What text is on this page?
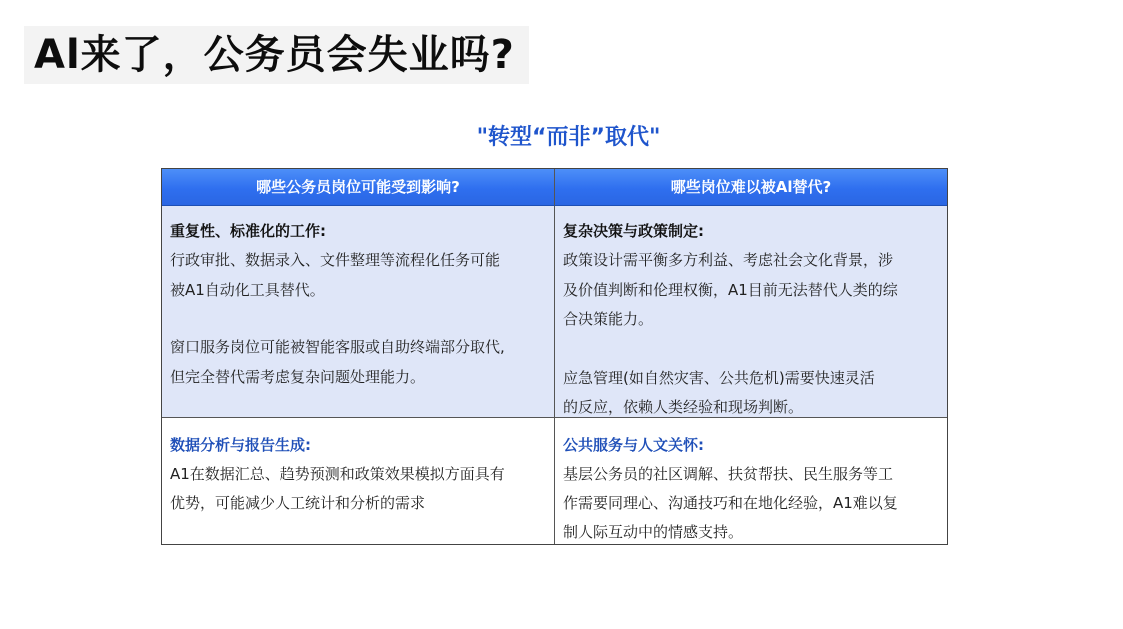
Al来了，公务员会失业吗?

"转型“而非”取代"

哪些公务员岗位可能受到影响?	哪些岗位难以被Al替代?

重复性、标准化的工作:

行政审批、数据录入、文件整理等流程化任务可能

被A1自动化工具替代。

窗口服务岗位可能被智能客服或自助终端部分取代,

但完全替代需考虑复杂问题处理能力。

复杂决策与政策制定:

政策设计需平衡多方利益、考虑社会文化背景，涉

及价值判断和伦理权衡，A1目前无法替代人类的综

合决策能力。

应急管理(如自然灾害、公共危机)需要快速灵活

的反应，依赖人类经验和现场判断。

数据分析与报告生成:

A1在数据汇总、趋势预测和政策效果模拟方面具有

优势，可能减少人工统计和分析的需求

公共服务与人文关怀:

基层公务员的社区调解、扶贫帮扶、民生服务等工

作需要同理心、沟通技巧和在地化经验，A1难以复

制人际互动中的情感支持。
